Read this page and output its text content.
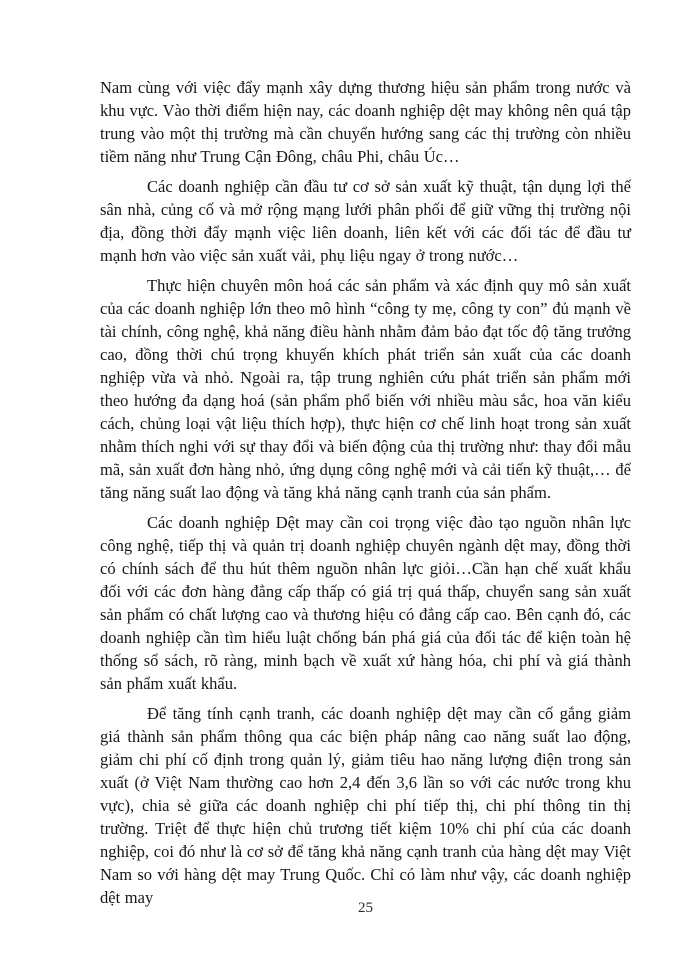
Nam cùng với việc đẩy mạnh xây dựng thương hiệu sản phẩm trong nước và khu vực. Vào thời điểm hiện nay, các doanh nghiệp dệt may không nên quá tập trung vào một thị trường mà cần chuyển hướng sang các thị trường còn nhiều tiềm năng như Trung Cận Đông, châu Phi, châu Úc…

Các doanh nghiệp cần đầu tư cơ sở sản xuất kỹ thuật, tận dụng lợi thế sân nhà, củng cố và mở rộng mạng lưới phân phối để giữ vững thị trường nội địa, đồng thời đẩy mạnh việc liên doanh, liên kết với các đối tác để đầu tư mạnh hơn vào việc sản xuất vải, phụ liệu ngay ở trong nước…

Thực hiện chuyên môn hoá các sản phẩm và xác định quy mô sản xuất của các doanh nghiệp lớn theo mô hình “công ty mẹ, công ty con” đủ mạnh về tài chính, công nghệ, khả năng điều hành nhằm đảm bảo đạt tốc độ tăng trưởng cao, đồng thời chú trọng khuyến khích phát triển sản xuất của các doanh nghiệp vừa và nhỏ. Ngoài ra, tập trung nghiên cứu phát triển sản phẩm mới theo hướng đa dạng hoá (sản phẩm phổ biến với nhiều màu sắc, hoa văn kiểu cách, chủng loại vật liệu thích hợp), thực hiện cơ chế linh hoạt trong sản xuất nhằm thích nghi với sự thay đổi và biến động của thị trường như: thay đổi mẫu mã, sản xuất đơn hàng nhỏ, ứng dụng công nghệ mới và cải tiến kỹ thuật,… để tăng năng suất lao động và tăng khả năng cạnh tranh của sản phẩm.

Các doanh nghiệp Dệt may cần coi trọng việc đào tạo nguồn nhân lực công nghệ, tiếp thị và quản trị doanh nghiệp chuyên ngành dệt may, đồng thời có chính sách để thu hút thêm nguồn nhân lực giỏi…Cần hạn chế xuất khẩu đối với các đơn hàng đẳng cấp thấp có giá trị quá thấp, chuyển sang sản xuất sản phẩm có chất lượng cao và thương hiệu có đẳng cấp cao. Bên cạnh đó, các doanh nghiệp cần tìm hiểu luật chống bán phá giá của đối tác để kiện toàn hệ thống sổ sách, rõ ràng, minh bạch về xuất xứ hàng hóa, chi phí và giá thành sản phẩm xuất khẩu.

Để tăng tính cạnh tranh, các doanh nghiệp dệt may cần cố gắng giảm giá thành sản phẩm thông qua các biện pháp nâng cao năng suất lao động, giảm chi phí cố định trong quản lý, giảm tiêu hao năng lượng điện trong sản xuất (ở Việt Nam thường cao hơn 2,4 đến 3,6 lần so với các nước trong khu vực), chia sẻ giữa các doanh nghiệp chi phí tiếp thị, chi phí thông tin thị trường. Triệt để thực hiện chủ trương tiết kiệm 10% chi phí của các doanh nghiệp, coi đó như là cơ sở để tăng khả năng cạnh tranh của hàng dệt may Việt Nam so với hàng dệt may Trung Quốc. Chỉ có làm như vậy, các doanh nghiệp dệt may

25
